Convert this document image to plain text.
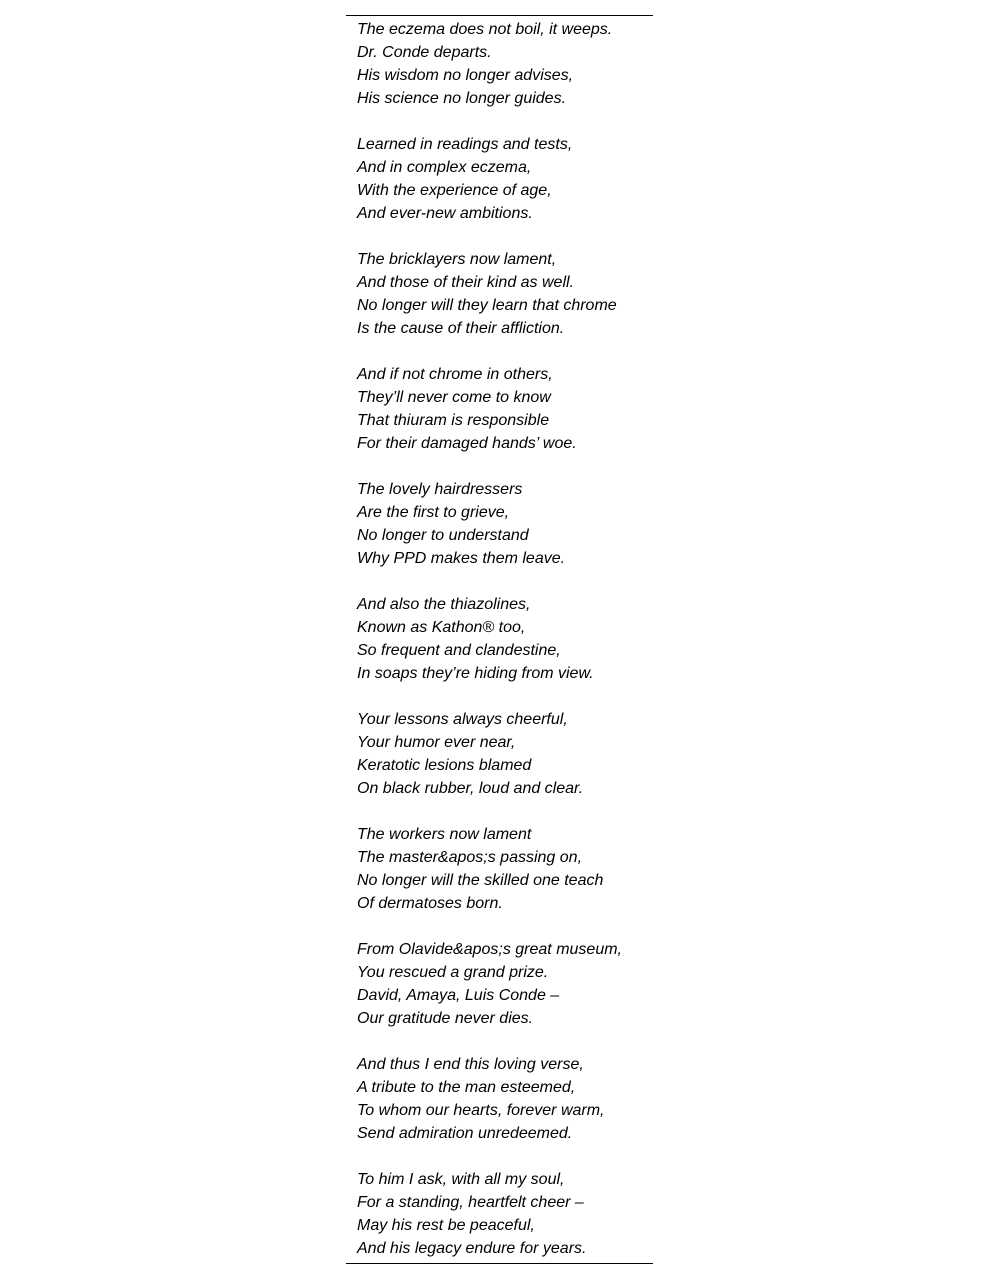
The eczema does not boil, it weeps.
Dr. Conde departs.
His wisdom no longer advises,
His science no longer guides.
Learned in readings and tests,
And in complex eczema,
With the experience of age,
And ever-new ambitions.
The bricklayers now lament,
And those of their kind as well.
No longer will they learn that chrome
Is the cause of their affliction.
And if not chrome in others,
They’ll never come to know
That thiuram is responsible
For their damaged hands’ woe.
The lovely hairdressers
Are the first to grieve,
No longer to understand
Why PPD makes them leave.
And also the thiazolines,
Known as Kathon® too,
So frequent and clandestine,
In soaps they’re hiding from view.
Your lessons always cheerful,
Your humor ever near,
Keratotic lesions blamed
On black rubber, loud and clear.
The workers now lament
The master&apos;s passing on,
No longer will the skilled one teach
Of dermatoses born.
From Olavide&apos;s great museum,
You rescued a grand prize.
David, Amaya, Luis Conde –
Our gratitude never dies.
And thus I end this loving verse,
A tribute to the man esteemed,
To whom our hearts, forever warm,
Send admiration unredeemed.
To him I ask, with all my soul,
For a standing, heartfelt cheer –
May his rest be peaceful,
And his legacy endure for years.
